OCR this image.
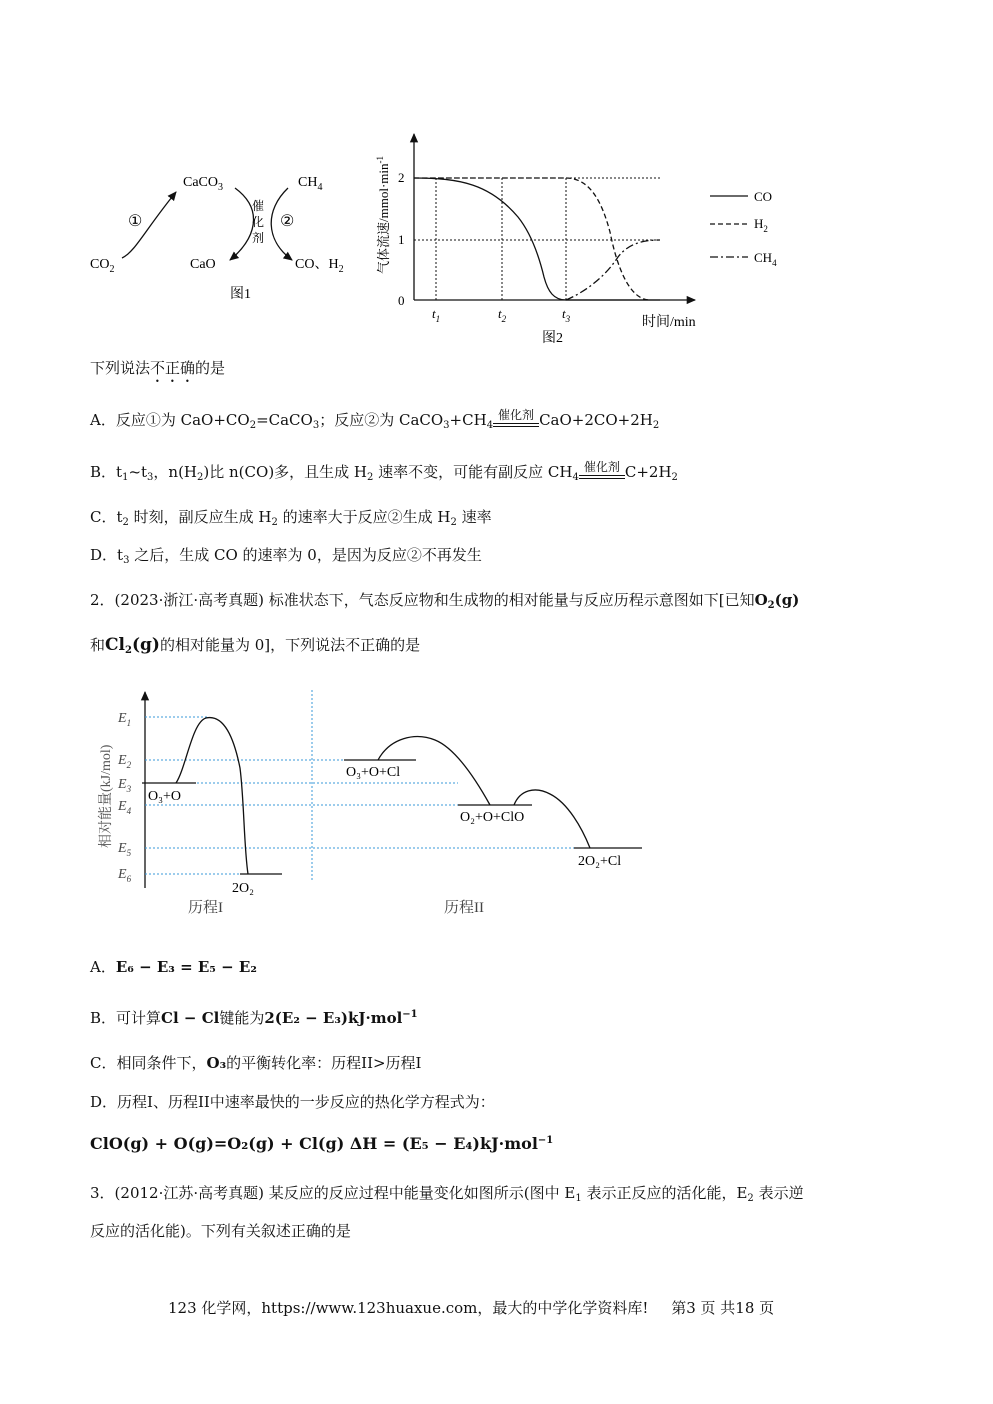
CaCO$_3$	$CH_4$
$CO_2$	CaO	CO、$H_2$
①	②
催
化
剂
图1
气体流速$/mmol\cdot\min^{-1}$
0
1
2
$t_1$	$t_2$	$t_3$	时间/min
CO
$H_2$
$CH_4$
图2
下列说法不正确的是
A．反应①为 $CaO+CO_2=CaCO_3$；反应②为 $CaCO_3+CH_4$
催化剂 $CaO+2CO+2H_2$
B．$t_1\sim t_3$，$n(H_2)$比 n(CO)多，且生成 $H_2$ 速率不变，可能有副反应 $CH_4$
催化剂 $C+2H_2$
C．$t_2$ 时刻，副反应生成 $H_2$ 的速率大于反应②生成 $H_2$ 速率
D．$t_3$ 之后，生成 CO 的速率为 0，是因为反应②不再发生
2．(2023·浙江·高考真题) 标准状态下，气态反应物和生成物的相对能量与反应历程示意图如下[已知$O_2(g)$
和$Cl_2(g)$的相对能量为 0]，下列说法不正确的是
相对能量(kJ/mol)
$E_1$
$E_2$
$E_3$
$E_4$
$E_5$
$E_6$
O₃+O
2O₂
O₃+O+Cl
O₂+O+ClO
2O₂+Cl
历程I	历程II
A．E₆ − E₃ = E₅ − E₂
B．可计算Cl − Cl键能为2(E₂ − E₃)kJ·mol$^{-1}$
C．相同条件下，O₃的平衡转化率：历程II>历程I
D．历程I、历程II中速率最快的一步反应的热化学方程式为：
ClO(g) + O(g)=O₂(g) + Cl(g) ΔH = (E₅ − E₄)kJ·mol$^{-1}$
3．(2012·江苏·高考真题) 某反应的反应过程中能量变化如图所示(图中 $E_1$ 表示正反应的活化能，$E_2$ 表示逆
反应的活化能)。下列有关叙述正确的是
123 化学网，https://www.123huaxue.com，最大的中学化学资料库! 第3 页 共18 页
